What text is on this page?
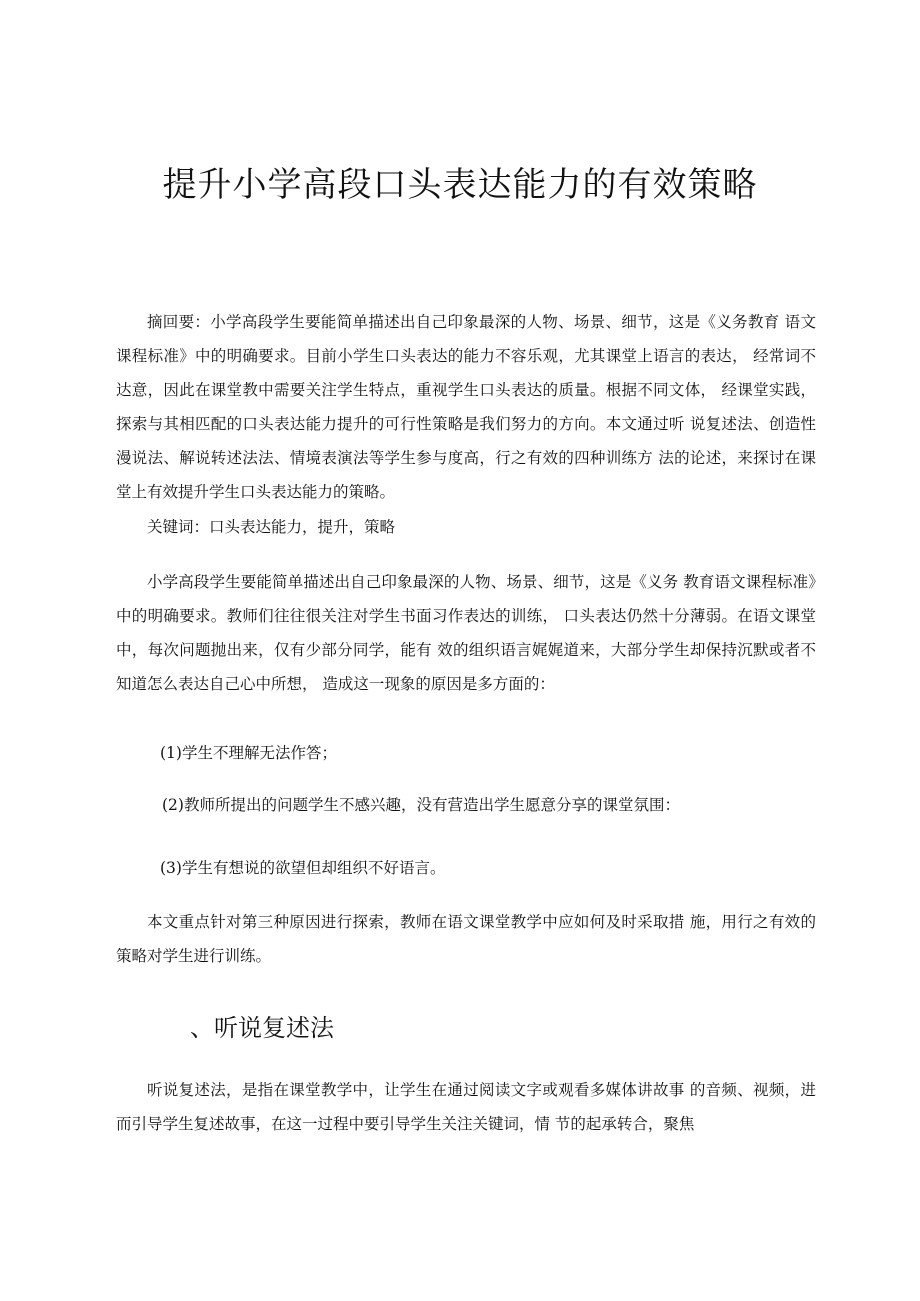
提升小学高段口头表达能力的有效策略

摘回要：小学高段学生要能简单描述出自己印象最深的人物、场景、细节，这是《义务教育 语文课程标准》中的明确要求。目前小学生口头表达的能力不容乐观，尤其课堂上语言的表达， 经常词不达意，因此在课堂教中需要关注学生特点，重视学生口头表达的质量。根据不同文体， 经课堂实践，探索与其相匹配的口头表达能力提升的可行性策略是我们努力的方向。本文通过听 说复述法、创造性漫说法、解说转述法法、情境表演法等学生参与度高，行之有效的四种训练方 法的论述，来探讨在课堂上有效提升学生口头表达能力的策略。

关键词：口头表达能力，提升，策略

小学高段学生要能简单描述出自己印象最深的人物、场景、细节，这是《义务 教育语文课程标准》中的明确要求。教师们往往很关注对学生书面习作表达的训练， 口头表达仍然十分薄弱。在语文课堂中，每次问题抛出来，仅有少部分同学，能有 效的组织语言娓娓道来，大部分学生却保持沉默或者不知道怎么表达自己心中所想， 造成这一现象的原因是多方面的：

(1)学生不理解无法作答；

(2)教师所提出的问题学生不感兴趣，没有营造出学生愿意分享的课堂氛围：

(3)学生有想说的欲望但却组织不好语言。

本文重点针对第三种原因进行探索，教师在语文课堂教学中应如何及时采取措 施，用行之有效的策略对学生进行训练。

、听说复述法

听说复述法，是指在课堂教学中，让学生在通过阅读文字或观看多媒体讲故事 的音频、视频，进而引导学生复述故事，在这一过程中要引导学生关注关键词，情 节的起承转合，聚焦
